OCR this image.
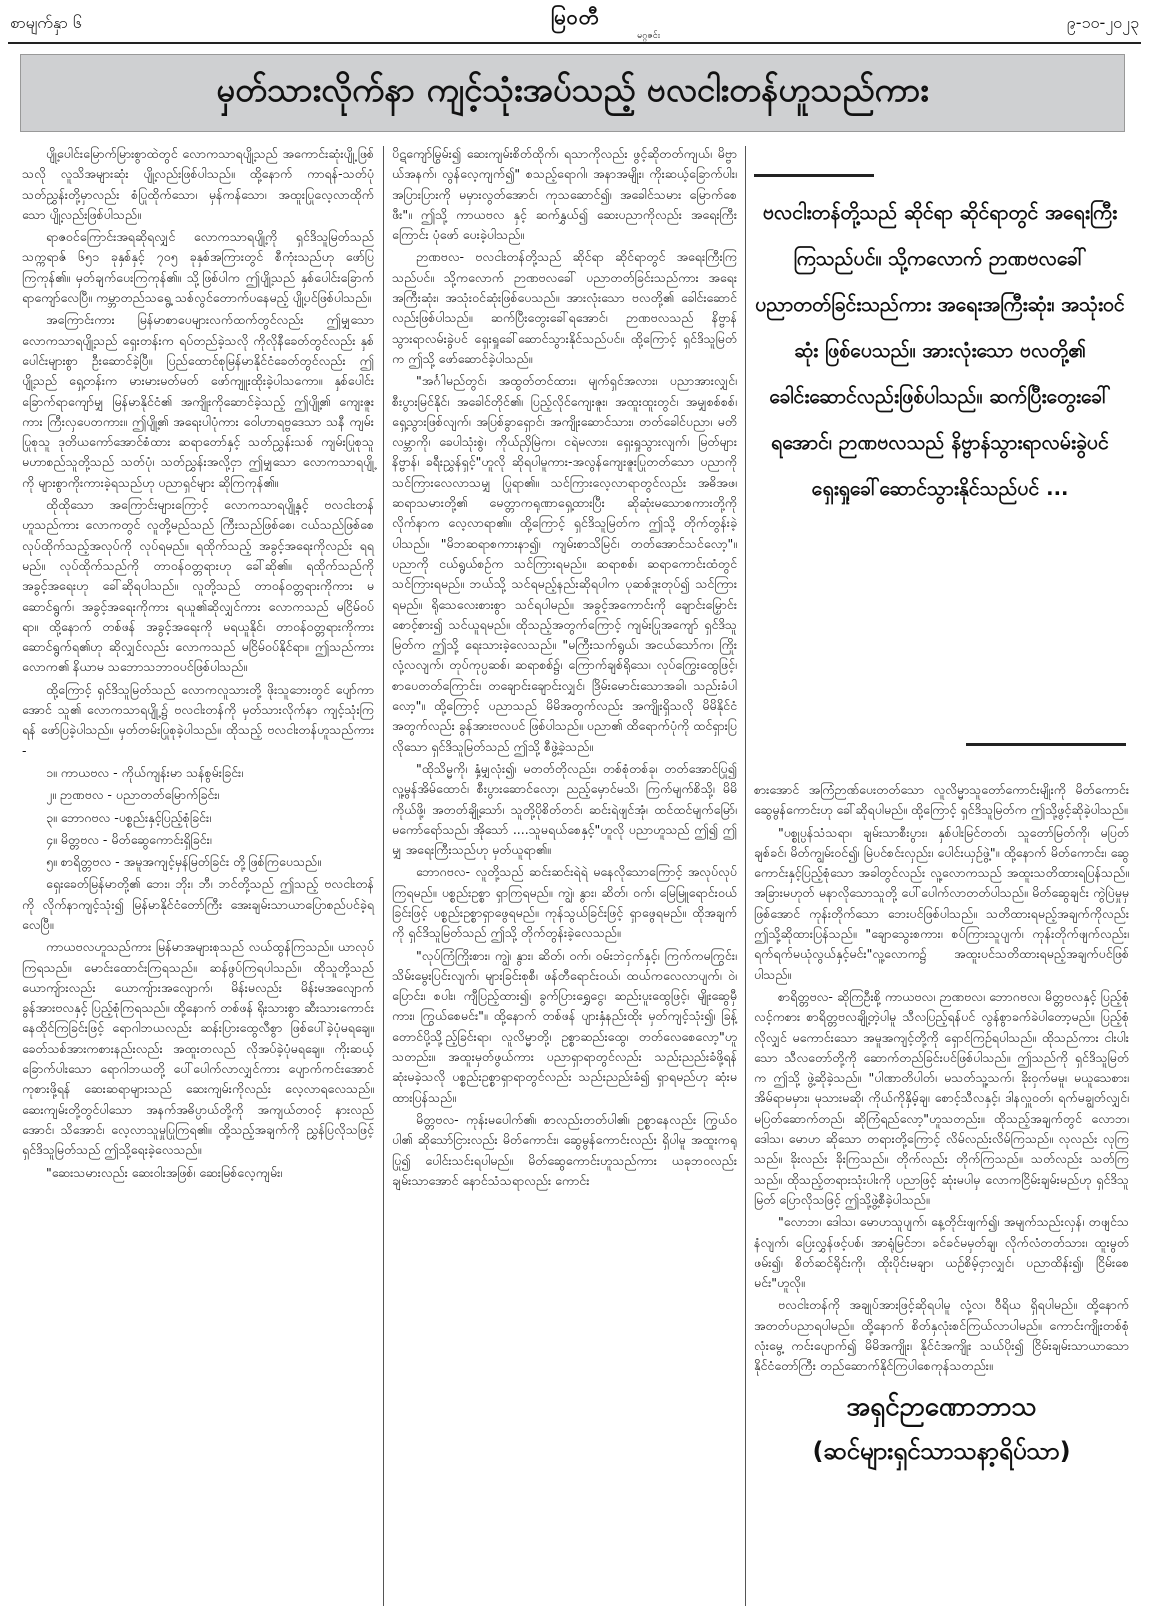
စာမျက်နှာ ၆	မြဝတီ
မဂ္ဂဇင်း
၉-၁၀-၂၀၂၃
မှတ်သားလိုက်နာ ကျင့်သုံးအပ်သည့် ဗလငါးတန်ဟူသည်ကား

ပျို့ပေါင်းမြောက်မြားစွာထဲတွင် လောကသာရပျို့သည် အကောင်းဆုံးပျို့ဖြစ်သလို လူသိအများဆုံး ပျို့လည်းဖြစ်ပါသည်။ ထို့နောက် ကာရန်-သတ်ပုံ သတ်ညွှန်းတို့မှာလည်း စံပြုထိုက်သော၊ မှန်ကန်သော၊ အထူးပြုလေ့လာထိုက်သော ပျို့လည်းဖြစ်ပါသည်။

ရာဇဝင်ကြောင်းအရဆိုရလျှင် လောကသာရပျို့ကို ရှင်ဒိသူမြတ်သည် သက္ကရာဇ် ၆၅၁ ခုနှစ်နှင့် ၇၀၅ ခုနှစ်အကြားတွင် စီကုံးသည်ဟု ဖော်ပြကြကုန်၏။ မှတ်ချက်ပေးကြကုန်၏။ သို့ဖြစ်ပါက ဤပျို့သည် နှစ်ပေါင်းခြောက်ရာကျော်လေပြီ။ ကမ္ဘာတည်သရွေ့ သစ်လွင်တောက်ပနေမည့် ပျို့ပင်ဖြစ်ပါသည်။

အကြောင်းကား မြန်မာစာပေများလက်ထက်တွင်လည်း ဤမျှသော လောကသာရပျို့သည် ရှေးတန်းက ရပ်တည်ခဲ့သလို ကိုလိုနီခေတ်တွင်လည်း နှစ်ပေါင်းများစွာ ဦးဆောင်ခဲ့ပြီ။ ပြည်ထောင်စုမြန်မာနိုင်ငံခေတ်တွင်လည်း ဤပျို့သည် ရှေ့တန်းက မားမားမတ်မတ် ဖော်ကျူးထိုးခဲ့ပါသကော။ နှစ်ပေါင်းခြောက်ရာကျော်မျှ မြန်မာနိုင်ငံ၏ အကျိုးကိုဆောင်ခဲ့သည့် ဤပျို့၏ ကျေးဇူးကား ကြီးလှပေတကား။ ဤပျို့၏ အရေးပါပုံကား ဝေါဟာရဗ္ဗဒေသာ သနီ ကျမ်းပြုစုသူ ဒုတိယကော်အောင်စံထား ဆရာတော်နှင့် သတ်ညွှန်းသစ် ကျမ်းပြုစုသူ မဟာစည်သူတို့သည် သတ်ပုံ၊ သတ်ညွှန်းအလို့ငှာ ဤမျှသော လောကသာရပျို့ကို များစွာကိုးကားခဲ့ရသည်ဟု ပညာရှင်များ ဆိုကြကုန်၏။

ထိုထိုသော အကြောင်းများကြောင့် လောကသာရပျို့နှင့် ဗလငါးတန်ဟူသည်ကား လောကတွင် လူတို့မည်သည် ကြီးသည်ဖြစ်စေ၊ ငယ်သည်ဖြစ်စေ လုပ်ထိုက်သည့်အလုပ်ကို လုပ်ရမည်။ ရထိုက်သည့် အခွင့်အရေးကိုလည်း ရရမည်။ လုပ်ထိုက်သည်ကို တာဝန်ဝတ္တရားဟု ခေါ်ဆို၏။ ရထိုက်သည်ကို အခွင့်အရေးဟု ခေါ်ဆိုရပါသည်။ လူတို့သည် တာဝန်ဝတ္တရားကိုကား မဆောင်ရွက်၊ အခွင့်အရေးကိုကား ရယူ၏ဆိုလျှင်ကား လောကသည် မငြိမ်ဝပ်ရာ။ ထို့နောက် တစ်ဖန် အခွင့်အရေးကို မရယူနိုင်၊ တာဝန်ဝတ္တရားကိုကား ဆောင်ရွက်ရ၏ဟု ဆိုလျှင်လည်း လောကသည် မငြိမ်ဝပ်နိုင်ရာ။ ဤသည်ကား လောက၏ နိယာမ သဘောသဘာဝပင်ဖြစ်ပါသည်။

ထို့ကြောင့် ရှင်ဒိသူမြတ်သည် လောကလူသားတို့ ဖိုးသူဘေးတွင် ပျော်ကာအောင် သူ၏ လောကသာရပျို့၌ ဗလငါးတန်ကို မှတ်သားလိုက်နာ ကျင့်သုံးကြရန် ဖော်ပြခဲ့ပါသည်။ မှတ်တမ်းပြုစုခဲ့ပါသည်။ ထိုသည့် ဗလငါးတန်ဟူသည်ကား -

၁။ ကာယဗလ - ကိုယ်ကျန်းမာ သန်စွမ်းခြင်း၊

၂။ ဉာဏဗလ - ပညာတတ်မြောက်ခြင်း၊

၃။ ဘောဂဗလ -ပစ္စည်းနှင့်ပြည့်စုံခြင်း၊

၄။ မိတ္တဗလ - မိတ်ဆွေကောင်းရှိခြင်း၊

၅။ စာရိတ္တဗလ - အမူအကျင့်မှန်မြတ်ခြင်း တို့ဖြစ်ကြပေသည်။

ရှေးခေတ်မြန်မာတို့၏ ဘေး၊ ဘိုး၊ ဘီ၊ ဘင်တို့သည် ဤသည့် ဗလငါးတန်ကို လိုက်နာကျင့်သုံး၍ မြန်မာနိုင်ငံတော်ကြီး အေးချမ်းသာယာပြောစည်ပင်ခဲ့ရလေပြီ။

ကာယဗလဟူသည်ကား မြန်မာအများစုသည် လယ်ထွန်ကြသည်။ ယာလုပ်ကြရသည်။ မောင်းထောင်းကြရသည်။ ဆန်ဖွပ်ကြရပါသည်။ ထိုသူတို့သည် ယောကျ်ားလည်း ယောကျ်ားအလျောက်၊ မိန်းမလည်း မိန်းမအလျောက် ခွန်အားဗလနှင့် ပြည့်စုံကြရသည်။ ထို့နောက် တစ်ဖန် ရိုးသားစွာ ဆီးသားကောင်းနေထိုင်ကြခြင်းဖြင့် ရောဂါဘယလည်း ဆန်းပြားထွေလီစွာ ဖြစ်ပေါ်ခဲ့ပုံမရချေ။ ခေတ်သစ်အားကစားနည်းလည်း အထူးတလည် လိုအပ်ခဲ့ပုံမရချေ။ ကိုးဆယ့်ခြောက်ပါးသော ရောဂါဘယတို့ ပေါ်ပေါက်လာလျှင်ကား ပျောက်ကင်းအောင် ကုစားဖို့ရန် ဆေးဆရာများသည် ဆေးကျမ်းကိုလည်း လေ့လာရလေသည်။ ဆေးကျမ်းတို့တွင်ပါသော အနက်အဓိပ္ပာယ်တို့ကို အကျယ်တဝင့် နားလည်အောင်၊ သိအောင်၊ လေ့လာသူမှုပြုကြရ၏။ ထို့သည့်အချက်ကို ညွှန်ပြလိုသဖြင့် ရှင်ဒိသူမြတ်သည် ဤသို့ရေးခဲ့လေသည်။

"ဆေးသမားလည်း ဆေးဝါးအဖြစ်၊ ဆေးမြစ်လေ့ကျမ်း၊

ပိဋကျော်မြွမ်း၍ ဆေးကျမ်းစိတ်ထိုက်၊ ရသာကိုလည်း ဖွင့်ဆိုတတ်ကျယ်၊ မိဗ္ဗာယ်အနက်၊ လွန်လေ့ကျက်၍" စသည့်ရောဂါ၊ အနာအမျိုး၊ ကိုးဆယ့်ခြောက်ပါး၊ အပြားပြားကို မမှားလွတ်အောင်၊ ကုသဆောင်၍၊ အခေါင်သမား မြောက်စေဖီး"။ ဤသို့ ကာယဗလ နှင့် ဆက်နွှယ်၍ ဆေးပညာကိုလည်း အရေးကြီးကြောင်း ပုံဖော် ပေးခဲ့ပါသည်။

ဉာဏဗလ- ဗလငါးတန်တို့သည် ဆိုင်ရာ ဆိုင်ရာတွင် အရေးကြီးကြသည်ပင်။ သို့ကလောက် ဉာဏဗလခေါ် ပညာတတ်ခြင်းသည်ကား အရေးအကြီးဆုံး၊ အသုံးဝင်ဆုံးဖြစ်ပေသည်။ အားလုံးသော ဗလတို့၏ ခေါင်းဆောင်လည်းဖြစ်ပါသည်။ ဆက်ပြီးတွေးခေါ်ရအောင်၊ ဉာဏဗလသည် နိဗ္ဗာန်သွားရာလမ်းခွဲပင် ရှေးရှုခေါ်ဆောင်သွားနိုင်သည်ပင်။ ထို့ကြောင့် ရှင်ဒိသူမြတ်က ဤသို့ ဖော်ဆောင်ခဲ့ပါသည်။

"အင်္ဂါမည်တွင်၊ အထွတ်တင်ထား၊ မျက်ရှင်အလား၊ ပညာအားလျှင်၊ စီးပွားမြင်နိုင်၊ အခေါင်တိုင်၏၊ ပြည့်လိုင်ကျေးဇူး၊ အထူးထူးတွင်၊ အမျှစစ်စစ်၊ ရှေ့သွားဖြစ်လျက်၊ အပြစ်ခွာရှောင်၊ အကျိုးဆောင်သား၊ တတ်ခေါင်ပညာ၊ မတိလမ္ဘာကို၊ ခေပါသုံးစွဲ၊ ကိုယ်ညှိမြဲက၊ ငရဲမလား၊ ရှေးရှုသွားလျက်၊ မြတ်များနိဗ္ဗာန်၊ ခရီးညွှန်ရှင့်"ဟူလို ဆိုရပါမူကား-အလွန်ကျေးဇူးပြုတတ်သော ပညာကိုသင်ကြားလေလာသမျှ ပြုရာ၏။ သင်ကြားလေ့လာရာတွင်လည်း အဓိအဖ၊ ဆရာသမားတို့၏ မေတ္တာကရုဏာရှေ့ထားပြီး ဆိုဆုံးမသောစကားတို့ကို လိုက်နာက လေ့လာရာ၏။ ထို့ကြောင့် ရှင်ဒိသူမြတ်က ဤသို့ တိုက်တွန်းခဲ့ပါသည်။ "မိဘဆရာစကားနာ၍၊ ကျမ်းစာသိမြင်၊ တတ်အောင်သင်လော့"။ ပညာကို ငယ်ရွယ်စဉ်က သင်ကြားရမည်။ ဆရာစစ်၊ ဆရာကောင်းထံတွင် သင်ကြားရမည်။ ဘယ်သို့ သင်ရမည့်နည်းဆိုရပါက ပုဆစ်ဒူးတုပ်၍ သင်ကြားရမည်။ ရိုသေလေးစားစွာ သင်ရပါမည်။ အခွင့်အကောင်းကို ချောင်းမြှောင်းစောင့်စား၍ သင်ယူရမည်။ ထိုသည့်အတွက်ကြောင့် ကျမ်းပြုအကျော် ရှင်ဒိသူမြတ်က ဤသို့ ရေးသားခဲ့လေသည်။ "မကြီးသက်ရွယ်၊ အငယ်သော်က၊ ကြိုးလုံ့လလျက်၊ တုပ်ကုပ္ပဆစ်၊ ဆရာစစ်၌၊ ကြောက်ချစ်ရိုသေ၊ လုပ်ကြွေးထွေဖြင့်၊ စာပေတတ်ကြောင်း၊ တချောင်းချောင်းလျှင်၊ ဒြိမ်းမောင်းသောအခါ၊ သည်းခံပါလော့"။ ထို့ကြောင့် ပညာသည် မိမိအတွက်လည်း အကျိုးရှိသလို မိမိနိုင်ငံအတွက်လည်း ခွန်အားဗလပင် ဖြစ်ပါသည်။ ပညာ၏ ထိရောက်ပုံကို ထင်ရှားပြလိုသော ရှင်ဒိသူမြတ်သည် ဤသို့ စီဖွဲ့ခဲ့သည်။

"ထိုသိမ္မကို၊ နှံ့မျှလုံး၍၊ မတတ်တိုလည်း၊ တစ်စုံတစ်ခု၊ တတ်အောင်ပြု၍ လူ့မွန်အိမ်ထောင်၊ စီးပွားဆောင်လော့၊ ညည့်မှောင်မသိ၊ ကြက်မျက်စိသို့၊ မိမိကိုယ်ဖို့၊ အတတ်ချို့သော်၊ သူတို့ပိုစိတ်တင်၊ ဆင်းရဲဖျင်အုံ၊ ထင်ထင်မျက်မြော်၊ မကော်ရော်သည်၊ အိုသော် ....သူမရယ်စေနှင့်"ဟူလို ပညာဟူသည် ဤ၍ ဤမျှ အရေးကြီးသည်ဟု မှတ်ယူရာ၏။

ဘောဂဗလ- လူတို့သည် ဆင်းဆင်းရဲရဲ မနေလိုသောကြောင့် အလုပ်လုပ်ကြရမည်။ ပစ္စည်းဥစ္စာ ရှာကြရမည်။ ကျွဲ၊ နွား၊ ဆိတ်၊ ဝက်၊ မြေမြူရောင်းဝယ်ခြင်းဖြင့် ပစ္စည်းဥစ္စာရှာဖွေရမည်။ ကုန်သွယ်ခြင်းဖြင့် ရှာဖွေရမည်။ ထိုအချက်ကို ရှင်ဒိသူမြတ်သည် ဤသို့ တိုက်တွန်းခဲ့လေသည်။

"လုပ်ကြံကြိုးစား၊ ကျွဲ၊ နွား၊ ဆိတ်၊ ဝက်၊ ဝမ်းဘဲငှက်နှင့်၊ ကြက်ကမကြွင်း၊ သိမ်းမွေးပြင်းလျက်၊ များခြင်းစုစီ၊ ဖန်တီရောင်းဝယ်၊ ထယ်ကလေလာပျက်၊ ဝဲ၊ ပြောင်း၊ စပါး၊ ကျီပြည့်ထား၍၊ ခွက်ပြားရွှေငွေ၊ ဆည်းပူးထွေဖြင့်၊ မျိုးဆွေမှီကား၊ ကြွယ်စေမင်း"။ ထို့နောက် တစ်ဖန် ပျားနှံနည်းထိုး မှတ်ကျင့်သုံး၍၊ ခြန့်တောင်ပို့သို့ည့်ခြင်းရာ၊ လူလိမ္မာတို့၊ ဥစ္စာဆည်းထွေ၊ တတ်လေစေလော့"ဟူသတည်း။ အထူးမှတ်ဖွယ်ကား ပညာရှာရာတွင်လည်း သည်းညည်းခံဖို့ရန် ဆုံးမခဲ့သလို ပစ္စည်းဥစ္စာရှာရာတွင်လည်း သည်းညည်းခံ၍ ရှာရမည်ဟု ဆုံးမထားပြန်သည်။

မိတ္တဗလ- ကုန်းမပေါက်၏၊ စာလည်းတတ်ပါ၏၊ ဥစ္စာနေလည်း ကြွယ်ဝပါ၏ ဆိုသော်ငြားလည်း မိတ်ကောင်း၊ ဆွေမွန်ကောင်းလည်း ရှိပါမူ အထူးကရုပြု၍ ပေါင်းသင်းရပါမည်။ မိတ်ဆွေကောင်းဟူသည်ကား ယခုဘဝလည်း ချမ်းသာအောင် နောင်သံသရာလည်း ကောင်း

ဗလငါးတန်တို့သည် ဆိုင်ရာ ဆိုင်ရာတွင် အရေးကြီးကြသည်ပင်။ သို့ကလောက် ဉာဏဗလခေါ် ပညာတတ်ခြင်းသည်ကား အရေးအကြီးဆုံး၊ အသုံးဝင်ဆုံး ဖြစ်ပေသည်။ အားလုံးသော ဗလတို့၏ ခေါင်းဆောင်လည်းဖြစ်ပါသည်။ ဆက်ပြီးတွေးခေါ်ရအောင်၊ ဉာဏဗလသည် နိဗ္ဗာန်သွားရာလမ်းခွဲပင် ရှေးရှုခေါ်ဆောင်သွားနိုင်သည်ပင် ...

စားအောင် အကြံဉာဏ်ပေးတတ်သော လူလိမ္မာသူတော်ကောင်းမျိုးကို မိတ်ကောင်း ဆွေမွန်ကောင်းဟု ခေါ်ဆိုရပါမည်။ ထို့ကြောင့် ရှင်ဒိသူမြတ်က ဤသို့ဖွင့်ဆိုခဲ့ပါသည်။

"ပစ္စုပ္ပန်သံသရာ၊ ချမ်းသာစီးပွား၊ နှစ်ပါးမြင်တတ်၊ သူတော်မြတ်ကို၊ မပြတ်ချစ်ခင်၊ မိတ်ကျွမ်းဝင်၍၊ မြဲပင်စင်းလှည်း၊ ပေါင်းယှဉ်ဖွဲ့"။ ထို့နောက် မိတ်ကောင်း၊ ဆွေကောင်းနှင့်ပြည့်စုံသော အခါတွင်လည်း လူ့လောကသည် အထူးသတိထားရပြန်သည်။ အခြားမဟုတ် မနာလိုသောသူတို့ ပေါ်ပေါက်လာတတ်ပါသည်။ မိတ်ဆွေချင်း ကွဲပြဲမှုမှ ဖြစ်အောင် ကုန်းတိုက်သော ဘေးပင်ဖြစ်ပါသည်။ သတိထားရမည့်အချက်ကိုလည်း ဤသို့ဆိုထားပြန်သည်။ "ချောသွေးစကား၊ စပ်ကြားသူပျက်၊ ကုန်းတိုက်ဖျက်လည်း၊ ရက်ရက်မယုံလွယ်နှင့်မင်း"လူ့လောက၌ အထူးပင်သတိထားရမည့်အချက်ပင်ဖြစ်ပါသည်။

စာရိတ္တဗလ- ဆိုကြဦးစို့ ကာယဗလ၊ ဉာဏဗလ၊ ဘောဂဗလ၊ မိတ္တဗလနှင့် ပြည့်စုံလင့်ကစား စာရိတ္တဗလချို့တဲ့ပါမူ သီလပြည့်ရန်ပင် လွန်စွာခက်ခဲပါတော့မည်။ ပြည့်စုံလိုလျှင် မကောင်းသော အမူအကျင့်တို့ကို ရှောင်ကြဉ်ရပါသည်။ ထိုသည်ကား ငါးပါးသော သီလတော်တို့ကို ဆောက်တည်ခြင်းပင်ဖြစ်ပါသည်။ ဤသည်ကို ရှင်ဒိသူမြတ်က ဤသို့ ဖွဲ့ဆိုခဲ့သည်။ "ပါဏာတိပါတ်၊ မသတ်သူ့သက်၊ ခိုးဝှက်မမူ၊ မယူသေစား၊ အိမ်ရာမမှား၊ မုသားမဆို၊ ကိုယ်ကိုနှိမ့်ချ၊ စောင့်သီလနှင့်၊ ဒါနလှူဝတ်၊ ရက်မချွတ်လျှင်၊ မပြတ်ဆောက်တည်၊ ဆိုကြံရည်လော့"ဟူသတည်း။ ထိုသည့်အချက်တွင် လောဘ၊ ဒေါသ၊ မောဟ ဆိုသော တရားတို့ကြောင့် လိမ်လည်းလိမ်ကြသည်။ လုလည်း လုကြသည်။ ခိုးလည်း ခိုးကြသည်။ တိုက်လည်း တိုက်ကြသည်။ သတ်လည်း သတ်ကြသည်။ ထိုသည့်တရားသုံးပါးကို ပညာဖြင့် ဆုံးမပါမှ လောကငြိမ်းချမ်းမည်ဟု ရှင်ဒိသူမြတ် ပြောလိုသဖြင့် ဤသို့ဖွဲ့စီခဲ့ပါသည်။

"လောဘ၊ ဒေါသ၊ မောဟသူပျက်၊ နေ့တိုင်းဖျက်၍၊ အမျက်သည်းလှန်၊ တဖျင်သနံလျက်၊ ပြေးလွှန်ဖင့်ပစ်၊ အာရုံမြင်ဘ၊ ခင်ခင်မမှတ်ချ၊ လိုက်လံတတ်သား၊ ထူးမွတ်ဖမ်း၍၊ စိတ်ဆင်ရိုင်းကို၊ ထိုးပိုင်းမချာ၊ ယဉ်စိမ့်ငှာလျှင်၊ ပညာထိန်း၍၊ ငြိမ်းစေမင်း"ဟူလို။

ဗလငါးတန်ကို အချုပ်အားဖြင့်ဆိုရပါမူ လုံ့လ၊ ဝီရိယ ရှိရပါမည်။ ထို့နောက် အတတ်ပညာရပါမည်။ ထို့နောက် စိတ်နှလုံးစင်ကြယ်လာပါမည်။ ကောင်းကျိုးတစ်စုံလုံးမွေ့ ကင်းပျောက်၍ မိမိအကျိုး၊ နိုင်ငံအကျိုး သယ်ပိုး၍ ငြိမ်းချမ်းသာယာသော နိုင်ငံတော်ကြီး တည်ဆောက်နိုင်ကြပါစေကုန်သတည်း။

အရှင်ဉာဏောဘာသ
(ဆင်များရှင်သာသနာ့ရိပ်သာ)
